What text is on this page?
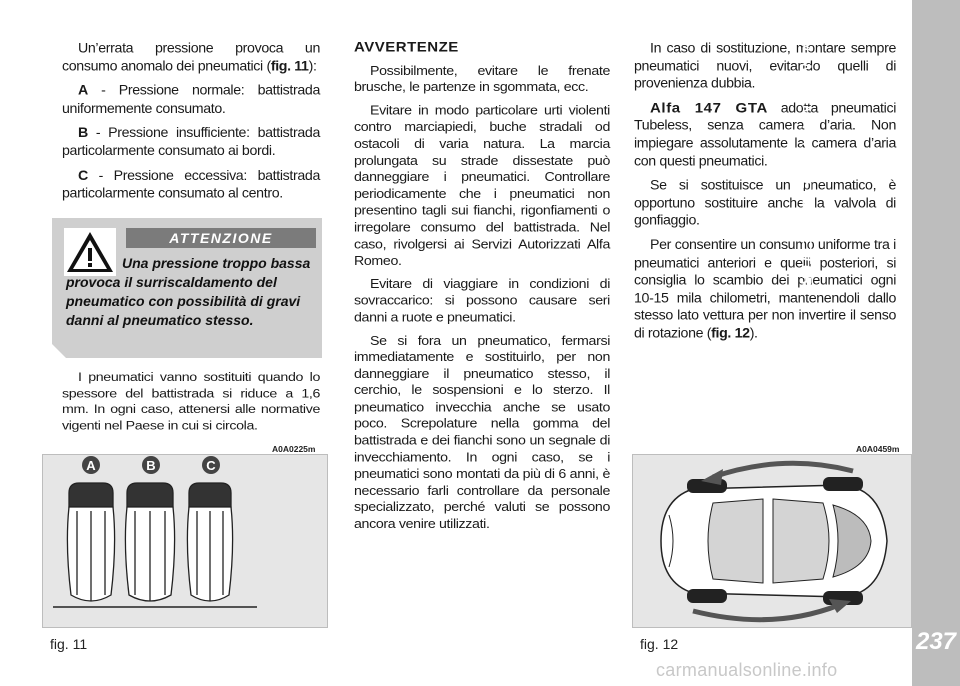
Un’errata pressione provoca un consumo anomalo dei pneumatici (fig. 11):

A - Pressione normale: battistrada uniformemente consumato.

B - Pressione insufficiente: battistrada particolarmente consumato ai bordi.

C - Pressione eccessiva: battistrada particolarmente consumato al centro.

ATTENZIONE
Una pressione troppo bassa provoca il surriscaldamento del pneumatico con possibilità di gravi danni al pneumatico stesso.

I pneumatici vanno sostituiti quando lo spessore del battistrada si riduce a 1,6 mm. In ogni caso, attenersi alle normative vigenti nel Paese in cui si circola.

AVVERTENZE

Possibilmente, evitare le frenate brusche, le partenze in sgommata, ecc.

Evitare in modo particolare urti violenti contro marciapiedi, buche stradali od ostacoli di varia natura. La marcia prolungata su strade dissestate può danneggiare i pneumatici. Controllare periodicamente che i pneumatici non presentino tagli sui fianchi, rigonfiamenti o irregolare consumo del battistrada. Nel caso, rivolgersi ai Servizi Autorizzati Alfa Romeo.

Evitare di viaggiare in condizioni di sovraccarico: si possono causare seri danni a ruote e pneumatici.

Se si fora un pneumatico, fermarsi immediatamente e sostituirlo, per non danneggiare il pneumatico stesso, il cerchio, le sospensioni e lo sterzo. Il pneumatico invecchia anche se usato poco. Screpolature nella gomma del battistrada e dei fianchi sono un segnale di invecchiamento. In ogni caso, se i pneumatici sono montati da più di 6 anni, è necessario farli controllare da personale specializzato, perché valuti se possono ancora venire utilizzati.

In caso di sostituzione, montare sempre pneumatici nuovi, evitando quelli di provenienza dubbia.

Alfa 147 GTA adotta pneumatici Tubeless, senza camera d’aria. Non impiegare assolutamente la camera d’aria con questi pneumatici.

Se si sostituisce un pneumatico, è opportuno sostituire anche la valvola di gonfiaggio.

Per consentire un consumo uniforme tra i pneumatici anteriori e quelli posteriori, si consiglia lo scambio dei pneumatici ogni 10-15 mila chilometri, mantenendoli dallo stesso lato vettura per non invertire il senso di rotazione (fig. 12).

A0A0225m
A	B	C
fig. 11
A0A0459m
fig. 12
MANUTENZIONE DELLA VETTURA
237
carmanualsonline.info
